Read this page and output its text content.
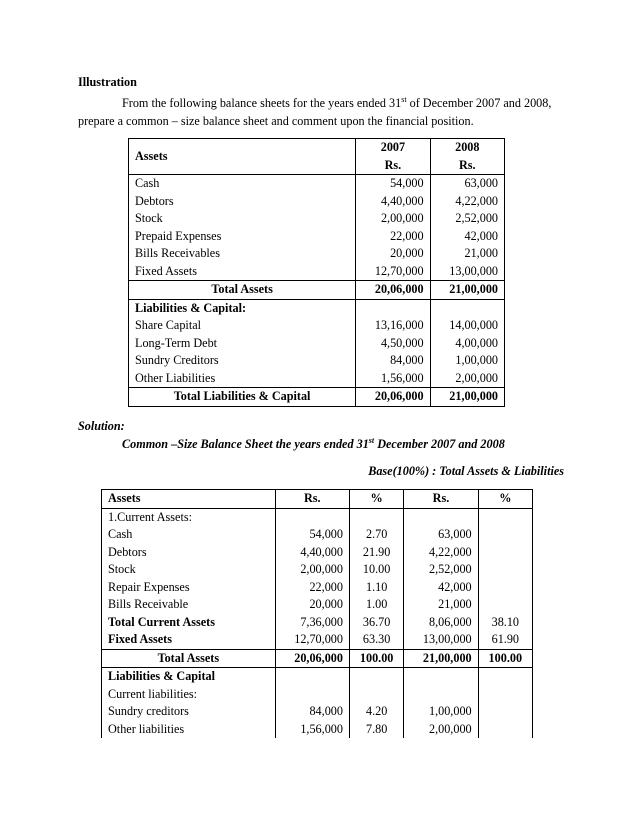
Illustration
From the following balance sheets for the years ended 31st of December 2007 and 2008,
prepare a common – size balance sheet and comment upon the financial position.
Assets	2007	2008
	Rs.	Rs.
Cash	54,000	63,000
Debtors	4,40,000	4,22,000
Stock	2,00,000	2,52,000
Prepaid Expenses	22,000	42,000
Bills Receivables	20,000	21,000
Fixed Assets	12,70,000	13,00,000
Total Assets	20,06,000	21,00,000
Liabilities & Capital:		
Share Capital	13,16,000	14,00,000
Long-Term Debt	4,50,000	4,00,000
Sundry Creditors	84,000	1,00,000
Other Liabilities	1,56,000	2,00,000
Total Liabilities & Capital	20,06,000	21,00,000
Solution:
Common –Size Balance Sheet the years ended 31st December 2007 and 2008
Base(100%) : Total Assets & Liabilities
Assets	Rs.	%	Rs.	%
1.Current Assets:				
Cash	54,000	2.70	63,000	
Debtors	4,40,000	21.90	4,22,000	
Stock	2,00,000	10.00	2,52,000	
Repair Expenses	22,000	1.10	42,000	
Bills Receivable	20,000	1.00	21,000	
Total Current Assets	7,36,000	36.70	8,06,000	38.10
Fixed Assets	12,70,000	63.30	13,00,000	61.90
Total Assets	20,06,000	100.00	21,00,000	100.00
Liabilities & Capital				
Current liabilities:				
Sundry creditors	84,000	4.20	1,00,000	
Other liabilities	1,56,000	7.80	2,00,000	
